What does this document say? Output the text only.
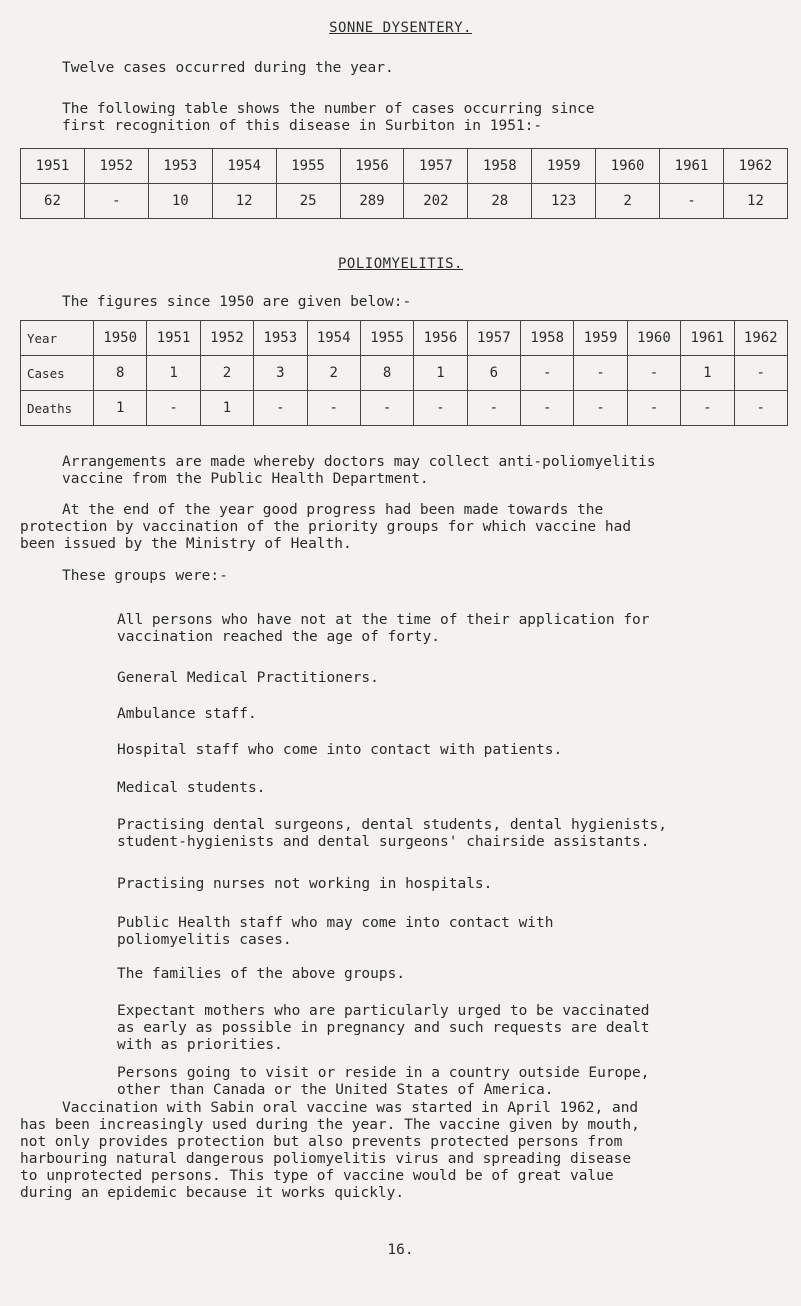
SONNE DYSENTERY.

Twelve cases occurred during the year.

The following table shows the number of cases occurring since
first recognition of this disease in Surbiton in 1951:-

1951	1952	1953	1954	1955	1956	1957	1958	1959	1960	1961	1962
62	-	10	12	25	289	202	28	123	2	-	12
POLIOMYELITIS.

The figures since 1950 are given below:-

Year	1950	1951	1952	1953	1954	1955	1956	1957	1958	1959	1960	1961	1962
Cases	8	1	2	3	2	8	1	6	-	-	-	1	-
Deaths	1	-	1	-	-	-	-	-	-	-	-	-	-

Arrangements are made whereby doctors may collect anti-poliomyelitis
vaccine from the Public Health Department.

At the end of the year good progress had been made towards the
protection by vaccination of the priority groups for which vaccine had
been issued by the Ministry of Health.

These groups were:-

All persons who have not at the time of their application for
vaccination reached the age of forty.

General Medical Practitioners.

Ambulance staff.

Hospital staff who come into contact with patients.

Medical students.

Practising dental surgeons, dental students, dental hygienists,
student-hygienists and dental surgeons' chairside assistants.

Practising nurses not working in hospitals.

Public Health staff who may come into contact with
poliomyelitis cases.

The families of the above groups.

Expectant mothers who are particularly urged to be vaccinated
as early as possible in pregnancy and such requests are dealt
with as priorities.

Persons going to visit or reside in a country outside Europe,
other than Canada or the United States of America.

Vaccination with Sabin oral vaccine was started in April 1962, and
has been increasingly used during the year. The vaccine given by mouth,
not only provides protection but also prevents protected persons from
harbouring natural dangerous poliomyelitis virus and spreading disease
to unprotected persons. This type of vaccine would be of great value
during an epidemic because it works quickly.

16.
